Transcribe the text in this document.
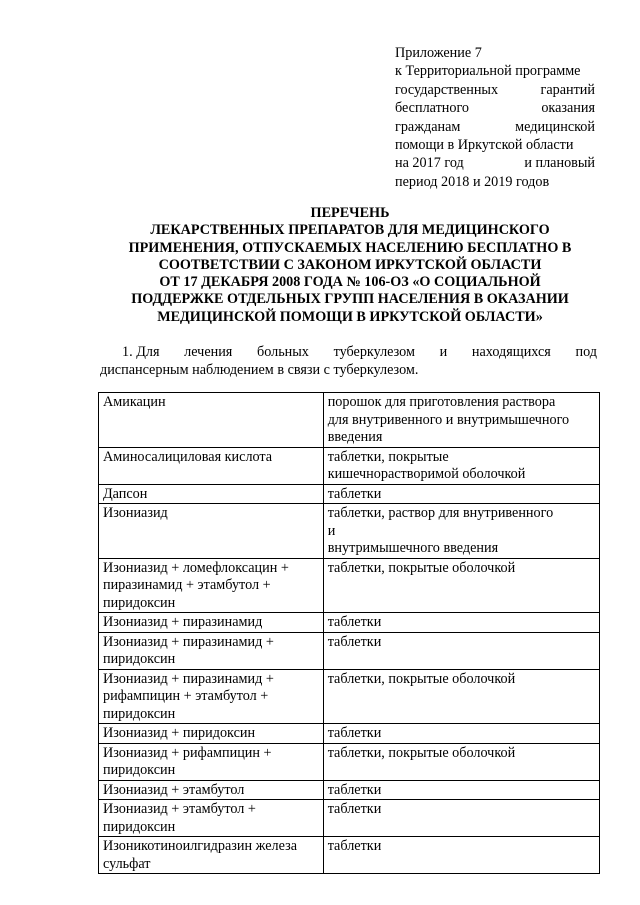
Приложение 7
к Территориальной программе
государственных	гарантий
бесплатного	оказания
гражданам	медицинской
помощи в Иркутской области
на 2017 год	и плановый
период 2018 и 2019 годов
ПЕРЕЧЕНЬ
ЛЕКАРСТВЕННЫХ ПРЕПАРАТОВ ДЛЯ МЕДИЦИНСКОГО
ПРИМЕНЕНИЯ, ОТПУСКАЕМЫХ НАСЕЛЕНИЮ БЕСПЛАТНО В
СООТВЕТСТВИИ С ЗАКОНОМ ИРКУТСКОЙ ОБЛАСТИ
ОТ 17 ДЕКАБРЯ 2008 ГОДА № 106-ОЗ «О СОЦИАЛЬНОЙ
ПОДДЕРЖКЕ ОТДЕЛЬНЫХ ГРУПП НАСЕЛЕНИЯ В ОКАЗАНИИ
МЕДИЦИНСКОЙ ПОМОЩИ В ИРКУТСКОЙ ОБЛАСТИ»
1. Для лечения больных туберкулезом и находящихся под
диспансерным наблюдением в связи с туберкулезом.
Амикацин	порошок для приготовления раствора
для внутривенного и внутримышечного
введения

Аминосалициловая кислота	таблетки, покрытые
кишечнорастворимой оболочкой

Дапсон	таблетки

Изониазид	таблетки, раствор для внутривенного
и
внутримышечного введения

Изониазид + ломефлоксацин +
пиразинамид + этамбутол +
пиридоксин	таблетки, покрытые оболочкой

Изониазид + пиразинамид	таблетки

Изониазид + пиразинамид +
пиридоксин	таблетки

Изониазид + пиразинамид +
рифампицин + этамбутол +
пиридоксин	таблетки, покрытые оболочкой

Изониазид + пиридоксин	таблетки

Изониазид + рифампицин +
пиридоксин	таблетки, покрытые оболочкой

Изониазид + этамбутол	таблетки

Изониазид + этамбутол +
пиридоксин	таблетки

Изоникотиноилгидразин железа
сульфат	таблетки
